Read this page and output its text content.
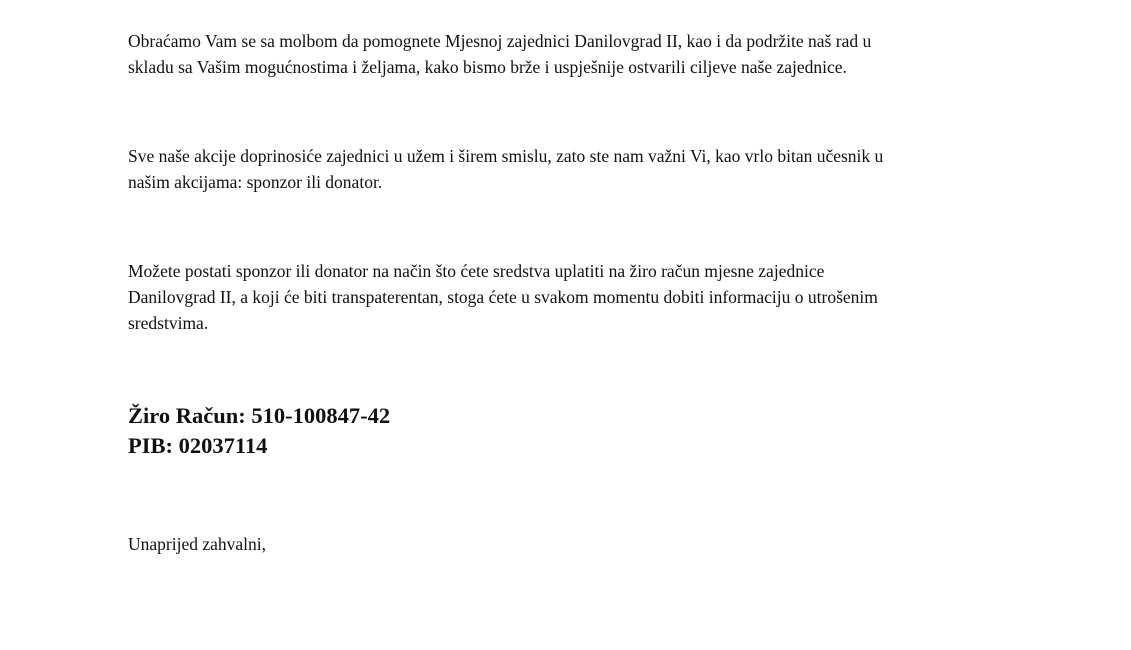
Obraćamo Vam se sa molbom da pomognete Mjesnoj zajednici Danilovgrad II, kao i da podržite naš rad u
skladu sa Vašim mogućnostima i željama, kako bismo brže i uspješnije ostvarili ciljeve naše zajednice.

Sve naše akcije doprinosiće zajednici u užem i širem smislu, zato ste nam važni Vi, kao vrlo bitan učesnik u
našim akcijama: sponzor ili donator.

Možete postati sponzor ili donator na način što ćete sredstva uplatiti na žiro račun mjesne zajednice
Danilovgrad II, a koji će biti transpaterentan, stoga ćete u svakom momentu dobiti informaciju o utrošenim
sredstvima.

Žiro Račun: 510-100847-42
PIB: 02037114

Unaprijed zahvalni,
